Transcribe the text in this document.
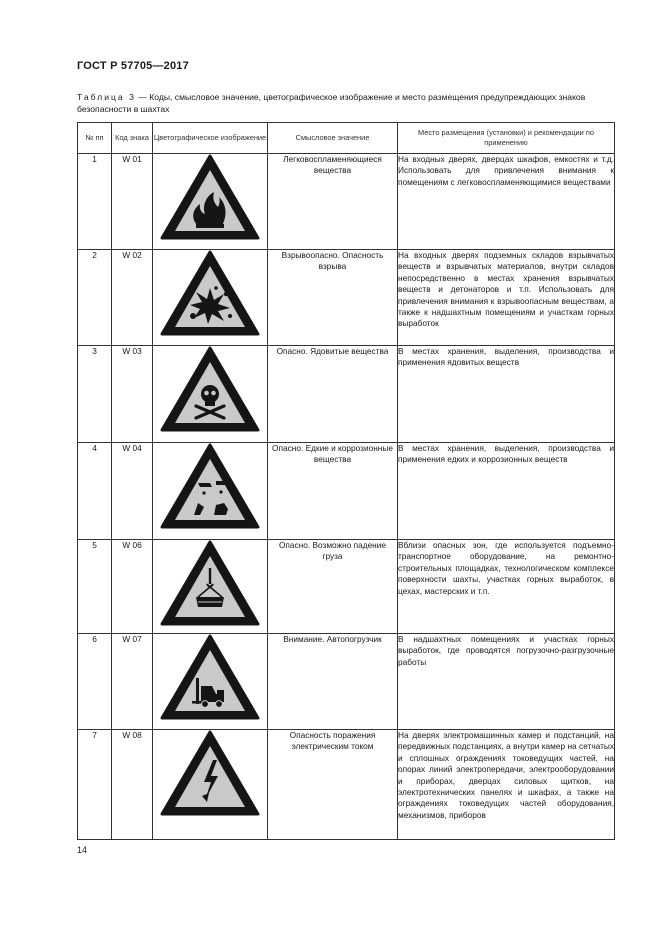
ГОСТ Р 57705—2017
Таблица 3 — Коды, смысловое значение, цветографическое изображение и место размещения предупреждающих знаков безопасности в шахтах
№ пп	Код знака	Цветографическое изображение	Смысловое значение	Место размещения (установки) и рекомендации по применению
1	W 01		Легковоспламеняющиеся вещества	На входных дверях, дверцах шкафов, емкостях и т.д. Использовать для привлечения внимания к помещениям с легковоспламеняющимися веществами

2	W 02		Взрывоопасно. Опасность взрыва	На входных дверях подземных складов взрывчатых веществ и взрывчатых материалов, внутри складов непосредственно в местах хранения взрывчатых веществ и детонаторов и т.п. Использовать для привлечения внимания к взрывоопасным веществам, а также к надшахтным помещениям и участкам горных выработок

3	W 03		Опасно. Ядовитые вещества	В местах хранения, выделения, производства и применения ядовитых веществ

4	W 04		Опасно. Едкие и коррозионные вещества	В местах хранения, выделения, производства и применения едких и коррозионных веществ

5	W 06		Опасно. Возможно падение груза	Вблизи опасных зон, где используется подъемно-транспортное оборудование, на ремонтно-строительных площадках, технологическом комплексе поверхности шахты, участках горных выработок, в цехах, мастерских и т.п.

6	W 07		Внимание. Автопогрузчик	В надшахтных помещениях и участках горных выработок, где проводятся погрузочно-разгрузочные работы

7	W 08		Опасность поражения электрическим током	На дверях электромашинных камер и подстанций, на передвижных подстанциях, а внутри камер на сетчатых и сплошных ограждениях токоведущих частей, на опорах линий электропередачи, электрооборудовании и приборах, дверцах силовых щитков, на электротехнических панелях и шкафах, а также на ограждениях токоведущих частей оборудования, механизмов, приборов
14
